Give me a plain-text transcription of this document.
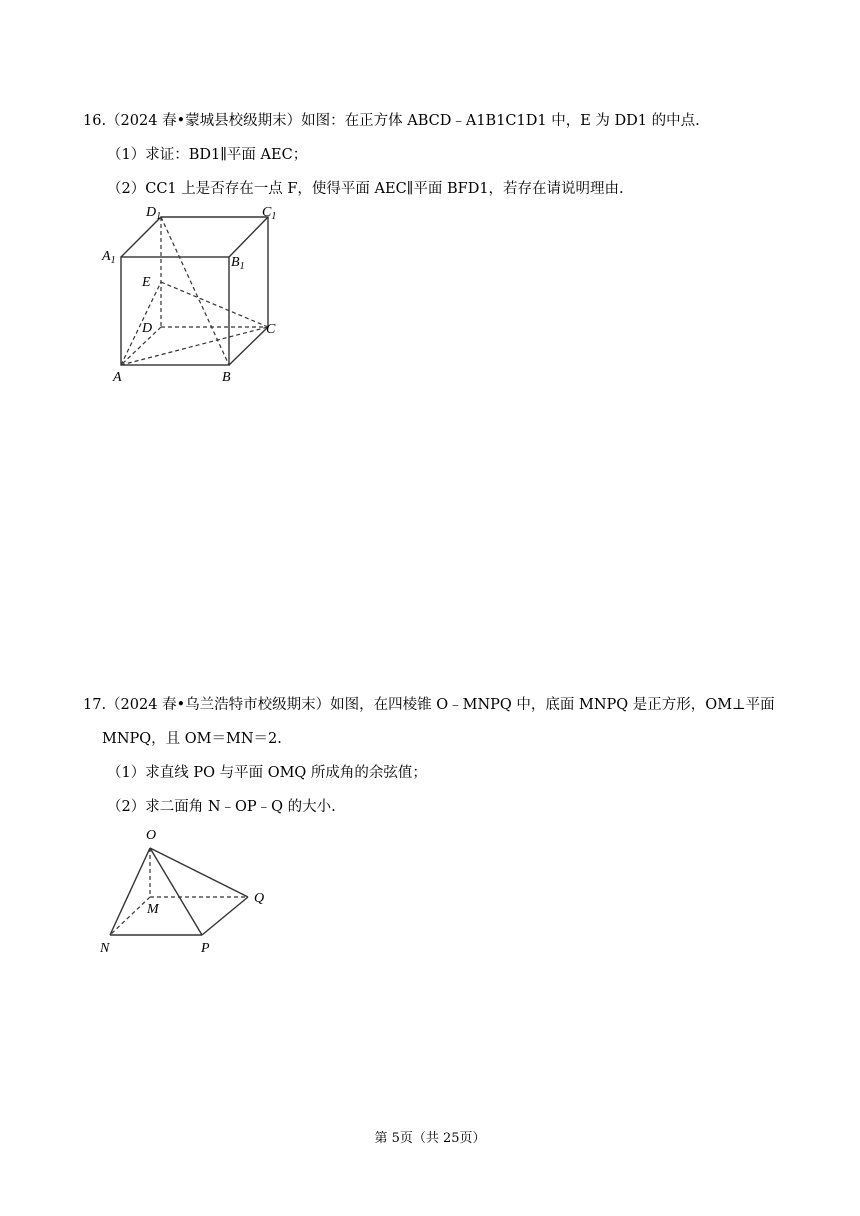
16.（2024 春•蒙城县校级期末）如图：在正方体 ABCD﹣A1B1C1D1 中，E 为 DD1 的中点.
（1）求证：BD1∥平面 AEC；
（2）CC1 上是否存在一点 F，使得平面 AEC∥平面 BFD1，若存在请说明理由.
$D_1$	$C_1$
$A_1$	$B_1$
E
D	C
A	B
17.（2024 春•乌兰浩特市校级期末）如图，在四棱锥 O﹣MNPQ 中，底面 MNPQ 是正方形，OM⊥平面
MNPQ，且 OM＝MN＝2.
（1）求直线 PO 与平面 OMQ 所成角的余弦值；
（2）求二面角 N﹣OP﹣Q 的大小.
O
M
Q
N	P
第 5页（共 25页）
